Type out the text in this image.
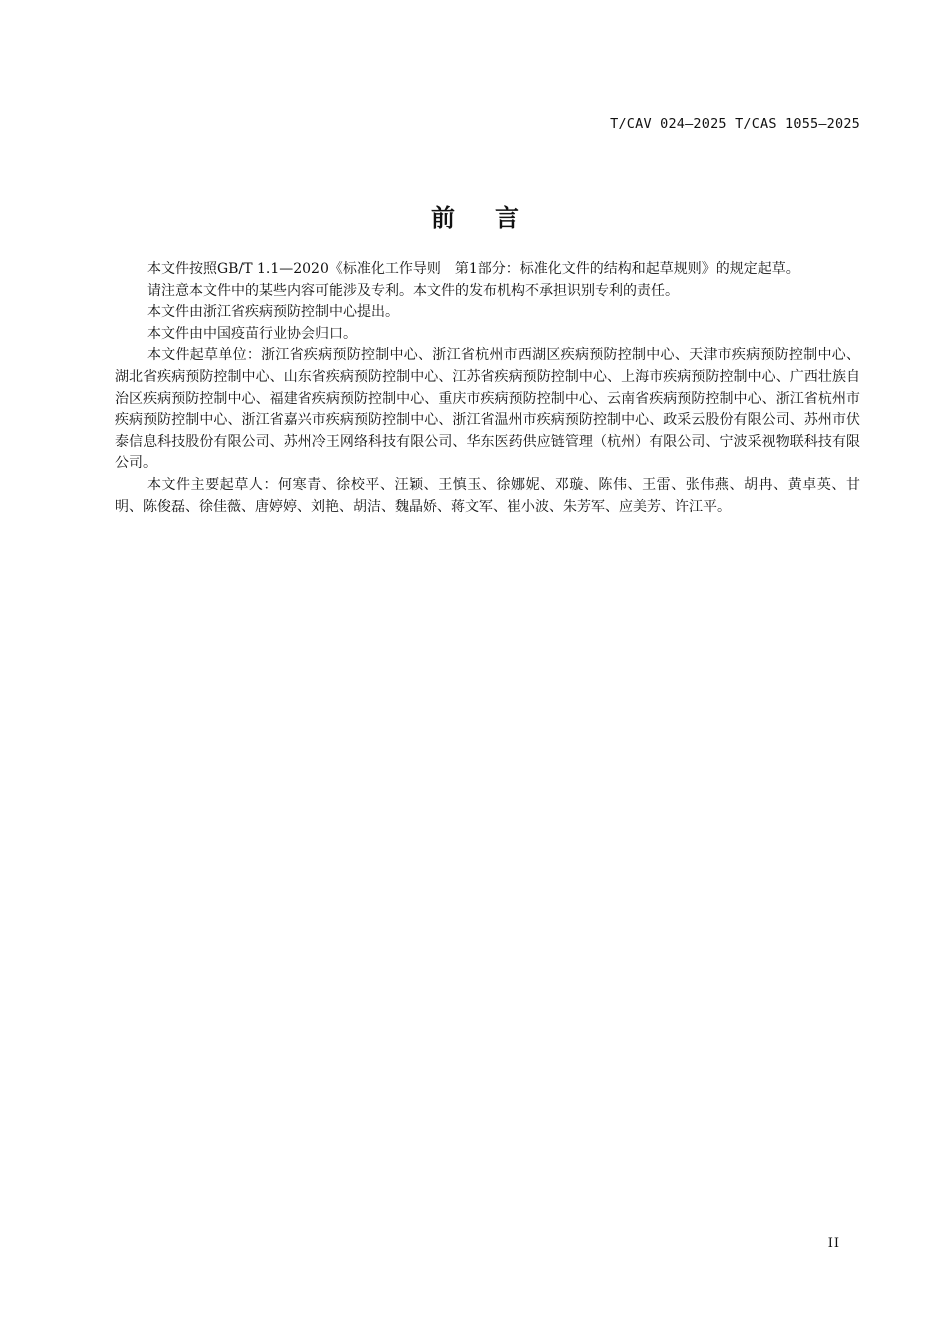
T/CAV 024—2025 T/CAS 1055—2025
前言

本文件按照GB/T 1.1—2020《标准化工作导则　第1部分：标准化文件的结构和起草规则》的规定起草。

请注意本文件中的某些内容可能涉及专利。本文件的发布机构不承担识别专利的责任。

本文件由浙江省疾病预防控制中心提出。

本文件由中国疫苗行业协会归口。

本文件起草单位：浙江省疾病预防控制中心、浙江省杭州市西湖区疾病预防控制中心、天津市疾病预防控制中心、湖北省疾病预防控制中心、山东省疾病预防控制中心、江苏省疾病预防控制中心、上海市疾病预防控制中心、广西壮族自治区疾病预防控制中心、福建省疾病预防控制中心、重庆市疾病预防控制中心、云南省疾病预防控制中心、浙江省杭州市疾病预防控制中心、浙江省嘉兴市疾病预防控制中心、浙江省温州市疾病预防控制中心、政采云股份有限公司、苏州市伏泰信息科技股份有限公司、苏州冷王网络科技有限公司、华东医药供应链管理（杭州）有限公司、宁波采视物联科技有限公司。

本文件主要起草人：何寒青、徐校平、汪颖、王慎玉、徐娜妮、邓璇、陈伟、王雷、张伟燕、胡冉、黄卓英、甘明、陈俊磊、徐佳薇、唐婷婷、刘艳、胡洁、魏晶娇、蒋文军、崔小波、朱芳军、应美芳、许江平。

II
